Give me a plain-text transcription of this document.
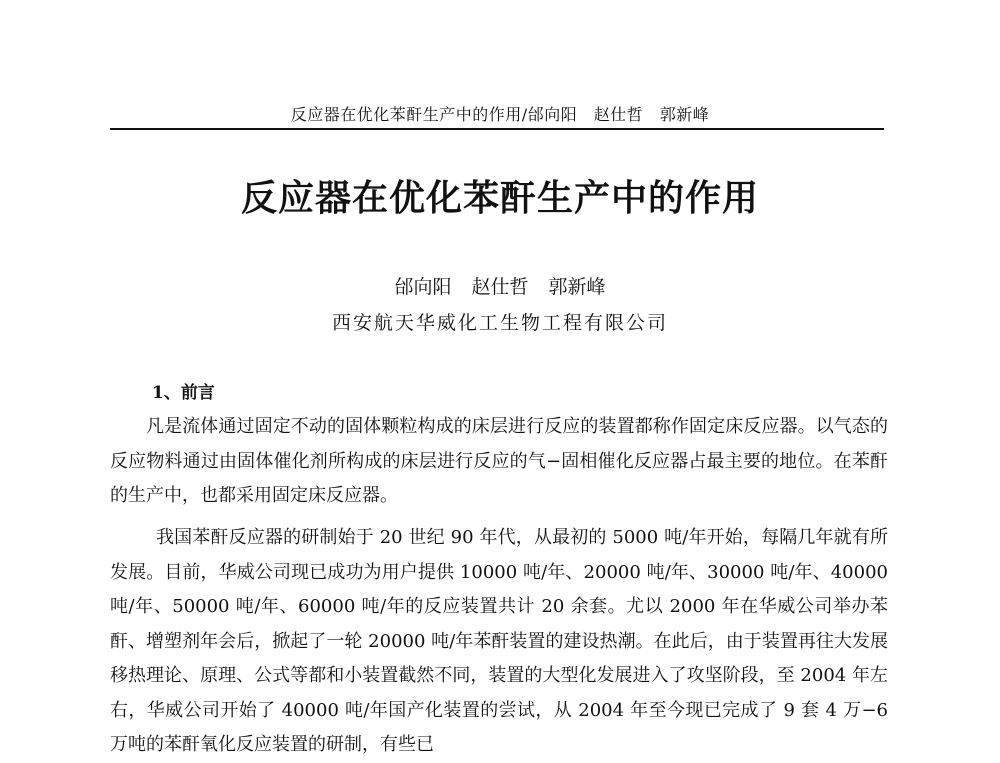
反应器在优化苯酐生产中的作用/邰向阳　赵仕哲　郭新峰
反应器在优化苯酐生产中的作用
邰向阳 赵仕哲 郭新峰
西安航天华威化工生物工程有限公司
1、前言
凡是流体通过固定不动的固体颗粒构成的床层进行反应的装置都称作固定床反应器。以气态的反应物料通过由固体催化剂所构成的床层进行反应的气−固相催化反应器占最主要的地位。在苯酐的生产中，也都采用固定床反应器。
我国苯酐反应器的研制始于 20 世纪 90 年代，从最初的 5000 吨/年开始，每隔几年就有所发展。目前，华威公司现已成功为用户提供 10000 吨/年、20000 吨/年、30000 吨/年、40000 吨/年、50000 吨/年、60000 吨/年的反应装置共计 20 余套。尤以 2000 年在华威公司举办苯酐、增塑剂年会后，掀起了一轮 20000 吨/年苯酐装置的建设热潮。在此后，由于装置再往大发展移热理论、原理、公式等都和小装置截然不同，装置的大型化发展进入了攻坚阶段，至 2004 年左右，华威公司开始了 40000 吨/年国产化装置的尝试，从 2004 年至今现已完成了 9 套 4 万−6 万吨的苯酐氧化反应装置的研制，有些已
